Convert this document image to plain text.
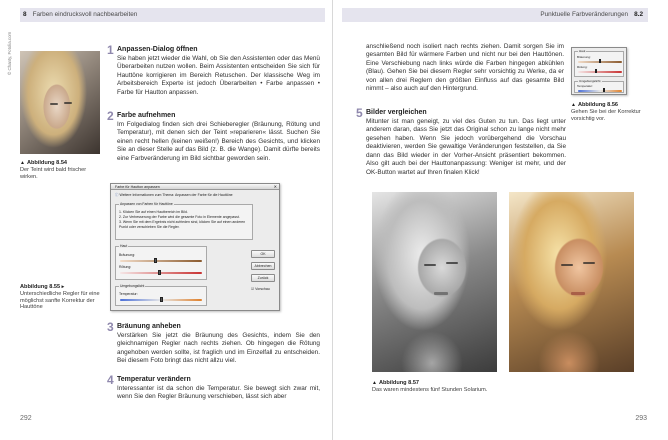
8 Farben eindrucksvoll nachbearbeiten
© Chanty, Fotolia.com
▲ Abbildung 8.54
Der Teint wird bald frischer wirken.
Abbildung 8.55 ▸
Unterschiedliche Regler für eine möglichst sanfte Korrektur der Hauttöne
1 Anpassen-Dialog öffnen
Sie haben jetzt wieder die Wahl, ob Sie den Assistenten oder das Menü Überarbeiten nutzen wollen. Beim Assistenten entscheiden Sie sich für Hauttöne korrigieren im Bereich Retuschen. Der klassische Weg im Arbeitsbereich Experte ist jedoch Überarbeiten • Farbe anpassen • Farbe für Hautton anpassen.
2 Farbe aufnehmen
Im Folgedialog finden sich drei Schieberegler (Bräunung, Rötung und Temperatur), mit denen sich der Teint »reparieren« lässt. Suchen Sie einen recht hellen (keinen weißen!) Bereich des Gesichts, und klicken Sie an dieser Stelle auf das Bild (z. B. die Wange). Damit dürfte bereits eine Farbveränderung im Bild sichtbar geworden sein.
Farbe für Hautton anpassen	✕
ⓘ Weitere Informationen zum Thema: Anpassen der Farbe für die Hauttöne
Anpassen von Farben für Hauttöne
1. Klicken Sie auf einen Hautbereich im Bild.
2. Zur Verbesserung der Farbe wird die gesamte Foto in Elemente angepasst.
3. Wenn Sie mit dem Ergebnis nicht zufrieden sind, klicken Sie auf einen anderen Punkt oder verschieben Sie die Regler.
Haut
Bräunung:
Rötung:
Umgebungslicht
Temperatur:
OK
Abbrechen
Zurück
☑ Vorschau
3 Bräunung anheben
Verstärken Sie jetzt die Bräunung des Gesichts, indem Sie den gleichnamigen Regler nach rechts ziehen. Ob hingegen die Rötung angehoben werden sollte, ist fraglich und im Einzelfall zu entscheiden. Bei diesem Foto bringt das nicht allzu viel.
4 Temperatur verändern
Interessanter ist da schon die Temperatur. Sie bewegt sich zwar mit, wenn Sie den Regler Bräunung verschieben, lässt sich aber
292
Punktuelle Farbveränderungen 8.2
anschließend noch isoliert nach rechts ziehen. Damit sorgen Sie im gesamten Bild für wärmere Farben und nicht nur bei den Hauttönen. Eine Verschiebung nach links würde die Farben hingegen abkühlen (Blau). Gehen Sie bei diesem Regler sehr vorsichtig zu Werke, da er von allen drei Reglern den größten Einfluss auf das gesamte Bild nimmt – also auch auf den Hintergrund.
5 Bilder vergleichen
Mitunter ist man geneigt, zu viel des Guten zu tun. Das liegt unter anderem daran, dass Sie jetzt das Original schon zu lange nicht mehr gesehen haben. Wenn Sie jedoch vorübergehend die Vorschau deaktivieren, werden Sie gewaltige Veränderungen feststellen, da Sie dann das Bild wieder in der Vorher-Ansicht präsentiert bekommen. Also gilt auch bei der Hauttonanpassung: Weniger ist mehr, und der OK-Button wartet auf Ihren finalen Klick!
▲ Abbildung 8.56
Gehen Sie bei der Korrektur vorsichtig vor.
▲ Abbildung 8.57
Das waren mindestens fünf Stunden Solarium.
293
Haut
Bräunung:
Rötung:
Umgebungslicht
Temperatur:
